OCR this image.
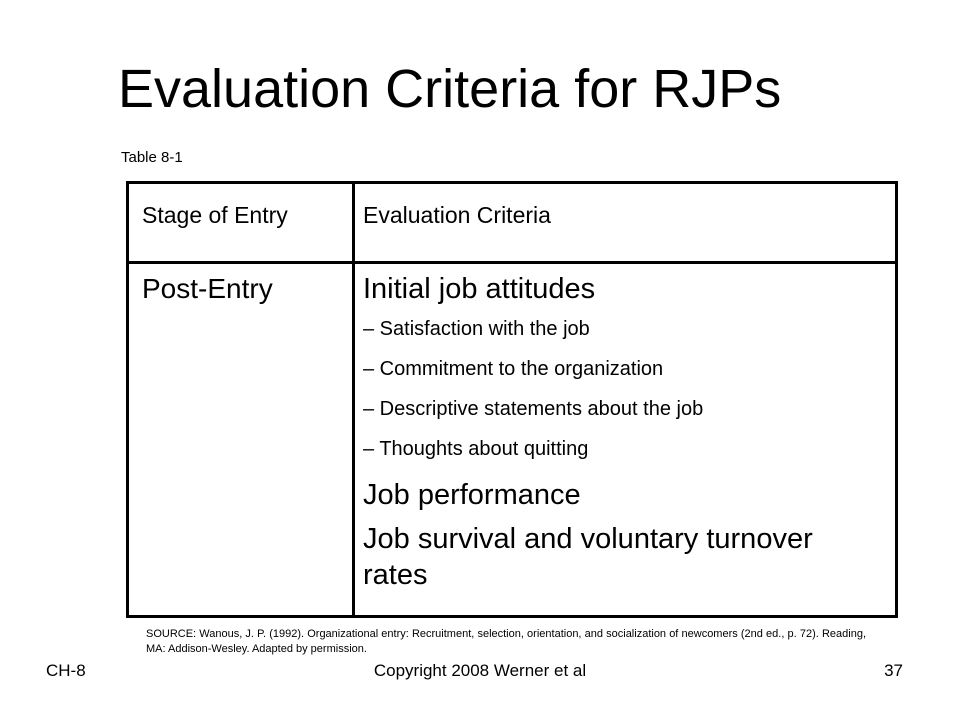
Evaluation Criteria for RJPs
Table 8-1
Stage of Entry	Evaluation Criteria
Post-Entry	Initial job attitudes

– Satisfaction with the job

– Commitment to the organization

– Descriptive statements about the job

– Thoughts about quitting

Job performance

Job survival and voluntary turnover rates

SOURCE: Wanous, J. P. (1992). Organizational entry: Recruitment, selection, orientation, and socialization of newcomers (2nd ed., p. 72). Reading, MA: Addison-Wesley. Adapted by permission.
CH-8	Copyright 2008 Werner et al	37
